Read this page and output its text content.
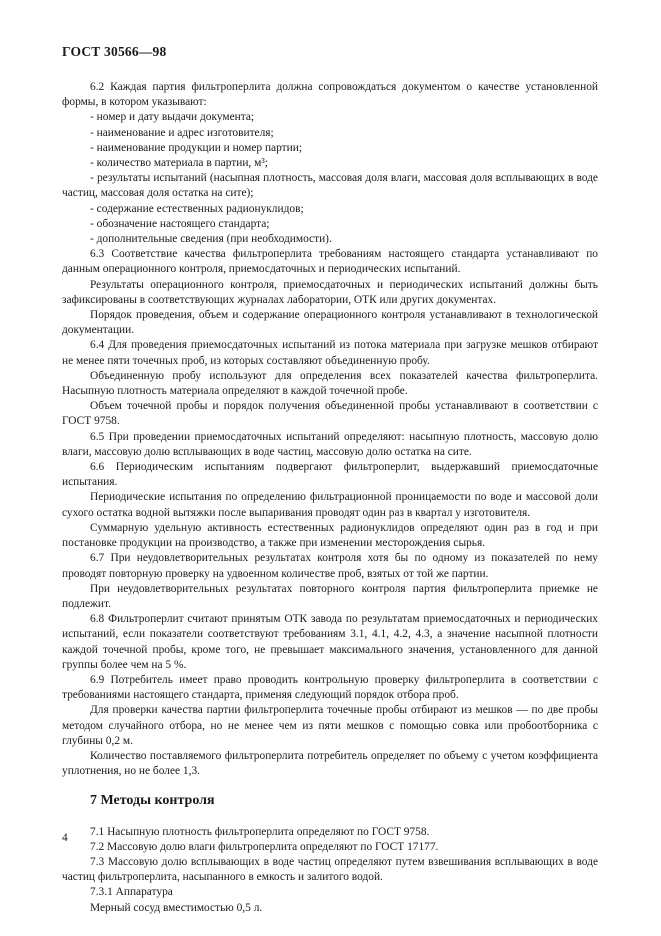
ГОСТ 30566—98

6.2 Каждая партия фильтроперлита должна сопровождаться документом о качестве установленной формы, в котором указывают:

- номер и дату выдачи документа;

- наименование и адрес изготовителя;

- наименование продукции и номер партии;

- количество материала в партии, м³;

- результаты испытаний (насыпная плотность, массовая доля влаги, массовая доля всплывающих в воде частиц, массовая доля остатка на сите);

- содержание естественных радионуклидов;

- обозначение настоящего стандарта;

- дополнительные сведения (при необходимости).

6.3 Соответствие качества фильтроперлита требованиям настоящего стандарта устанавливают по данным операционного контроля, приемосдаточных и периодических испытаний.

Результаты операционного контроля, приемосдаточных и периодических испытаний должны быть зафиксированы в соответствующих журналах лаборатории, ОТК или других документах.

Порядок проведения, объем и содержание операционного контроля устанавливают в технологической документации.

6.4 Для проведения приемосдаточных испытаний из потока материала при загрузке мешков отбирают не менее пяти точечных проб, из которых составляют объединенную пробу.

Объединенную пробу используют для определения всех показателей качества фильтроперлита. Насыпную плотность материала определяют в каждой точечной пробе.

Объем точечной пробы и порядок получения объединенной пробы устанавливают в соответствии с ГОСТ 9758.

6.5 При проведении приемосдаточных испытаний определяют: насыпную плотность, массовую долю влаги, массовую долю всплывающих в воде частиц, массовую долю остатка на сите.

6.6 Периодическим испытаниям подвергают фильтроперлит, выдержавший приемосдаточные испытания.

Периодические испытания по определению фильтрационной проницаемости по воде и массовой доли сухого остатка водной вытяжки после выпаривания проводят один раз в квартал у изготовителя.

Суммарную удельную активность естественных радионуклидов определяют один раз в год и при постановке продукции на производство, а также при изменении месторождения сырья.

6.7 При неудовлетворительных результатах контроля хотя бы по одному из показателей по нему проводят повторную проверку на удвоенном количестве проб, взятых от той же партии.

При неудовлетворительных результатах повторного контроля партия фильтроперлита приемке не подлежит.

6.8 Фильтроперлит считают принятым ОТК завода по результатам приемосдаточных и периодических испытаний, если показатели соответствуют требованиям 3.1, 4.1, 4.2, 4.3, а значение насыпной плотности каждой точечной пробы, кроме того, не превышает максимального значения, установленного для данной группы более чем на 5 %.

6.9 Потребитель имеет право проводить контрольную проверку фильтроперлита в соответствии с требованиями настоящего стандарта, применяя следующий порядок отбора проб.

Для проверки качества партии фильтроперлита точечные пробы отбирают из мешков — по две пробы методом случайного отбора, но не менее чем из пяти мешков с помощью совка или пробоотборника с глубины 0,2 м.

Количество поставляемого фильтроперлита потребитель определяет по объему с учетом коэффициента уплотнения, но не более 1,3.

7 Методы контроля

7.1 Насыпную плотность фильтроперлита определяют по ГОСТ 9758.

7.2 Массовую долю влаги фильтроперлита определяют по ГОСТ 17177.

7.3 Массовую долю всплывающих в воде частиц определяют путем взвешивания всплывающих в воде частиц фильтроперлита, насыпанного в емкость и залитого водой.

7.3.1 Аппаратура

Мерный сосуд вместимостью 0,5 л.

4
